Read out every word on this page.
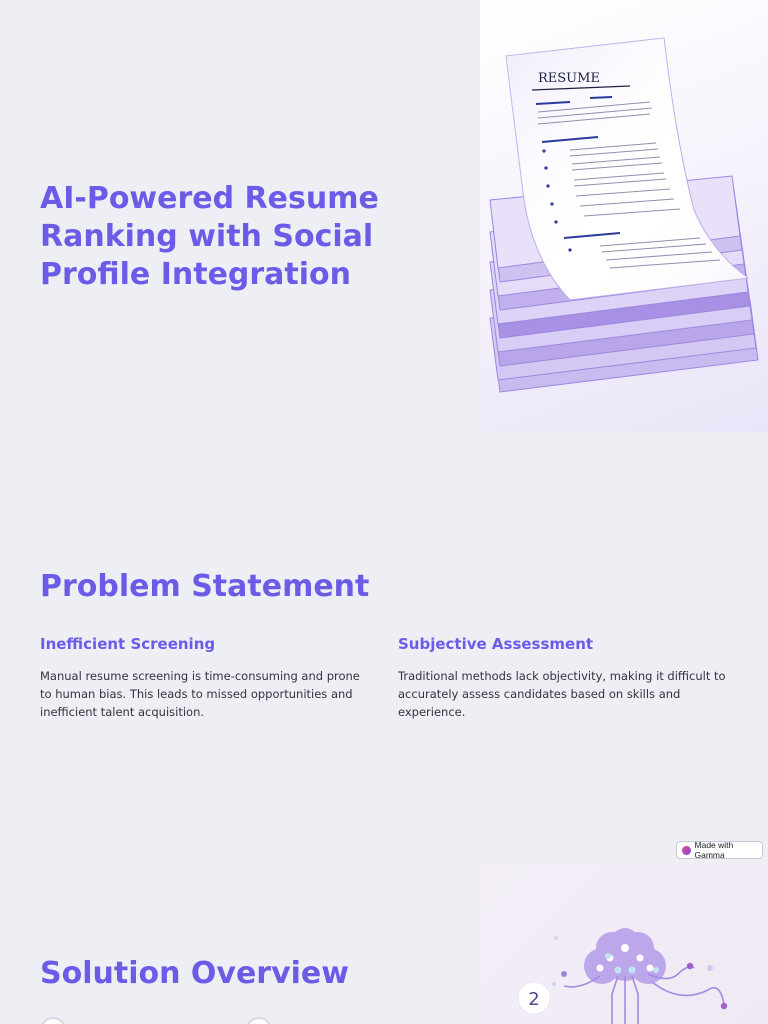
AI-Powered Resume Ranking with Social Profile Integration
RESUME
Problem Statement
Inefficient Screening

Manual resume screening is time-consuming and prone to human bias. This leads to missed opportunities and inefficient talent acquisition.

Subjective Assessment

Traditional methods lack objectivity, making it difficult to accurately assess candidates based on skills and experience.

Made with Gamma
Solution Overview
2
